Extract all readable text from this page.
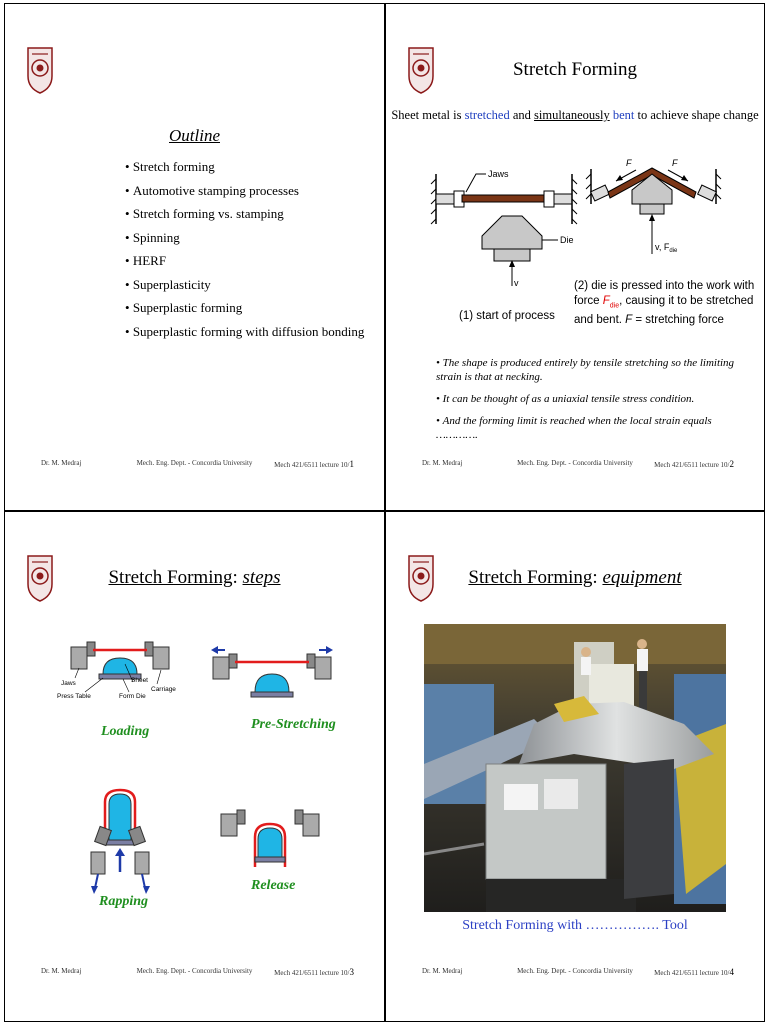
Outline
• Stretch forming
• Automotive stamping processes
• Stretch forming vs. stamping
• Spinning
• HERF
• Superplasticity
• Superplastic forming
• Superplastic forming with diffusion bonding
Dr. M. Medraj	Mech. Eng. Dept. - Concordia University	Mech 421/6511 lecture 10/1
Stretch Forming
Sheet metal is stretched and simultaneously bent to achieve shape change
Jaws
Die
v
F	F
v, $F_{die}$
(1) start of process
(2) die is pressed into the work with
force $F_{die}$, causing it to be stretched
and bent. F = stretching force
• The shape is produced entirely by tensile stretching so the limiting strain is that at necking.
• It can be thought of as a uniaxial tensile stress condition.
• And the forming limit is reached when the local strain equals ………….
Dr. M. Medraj	Mech. Eng. Dept. - Concordia University	Mech 421/6511 lecture 10/2
Stretch Forming: steps
Jaws	Sheet
Carriage
Press Table	Form Die
Loading	Pre-Stretching
Rapping
Release
Dr. M. Medraj	Mech. Eng. Dept. - Concordia University	Mech 421/6511 lecture 10/3
Stretch Forming: equipment
Stretch Forming with ……………. Tool
Dr. M. Medraj	Mech. Eng. Dept. - Concordia University	Mech 421/6511 lecture 10/4
